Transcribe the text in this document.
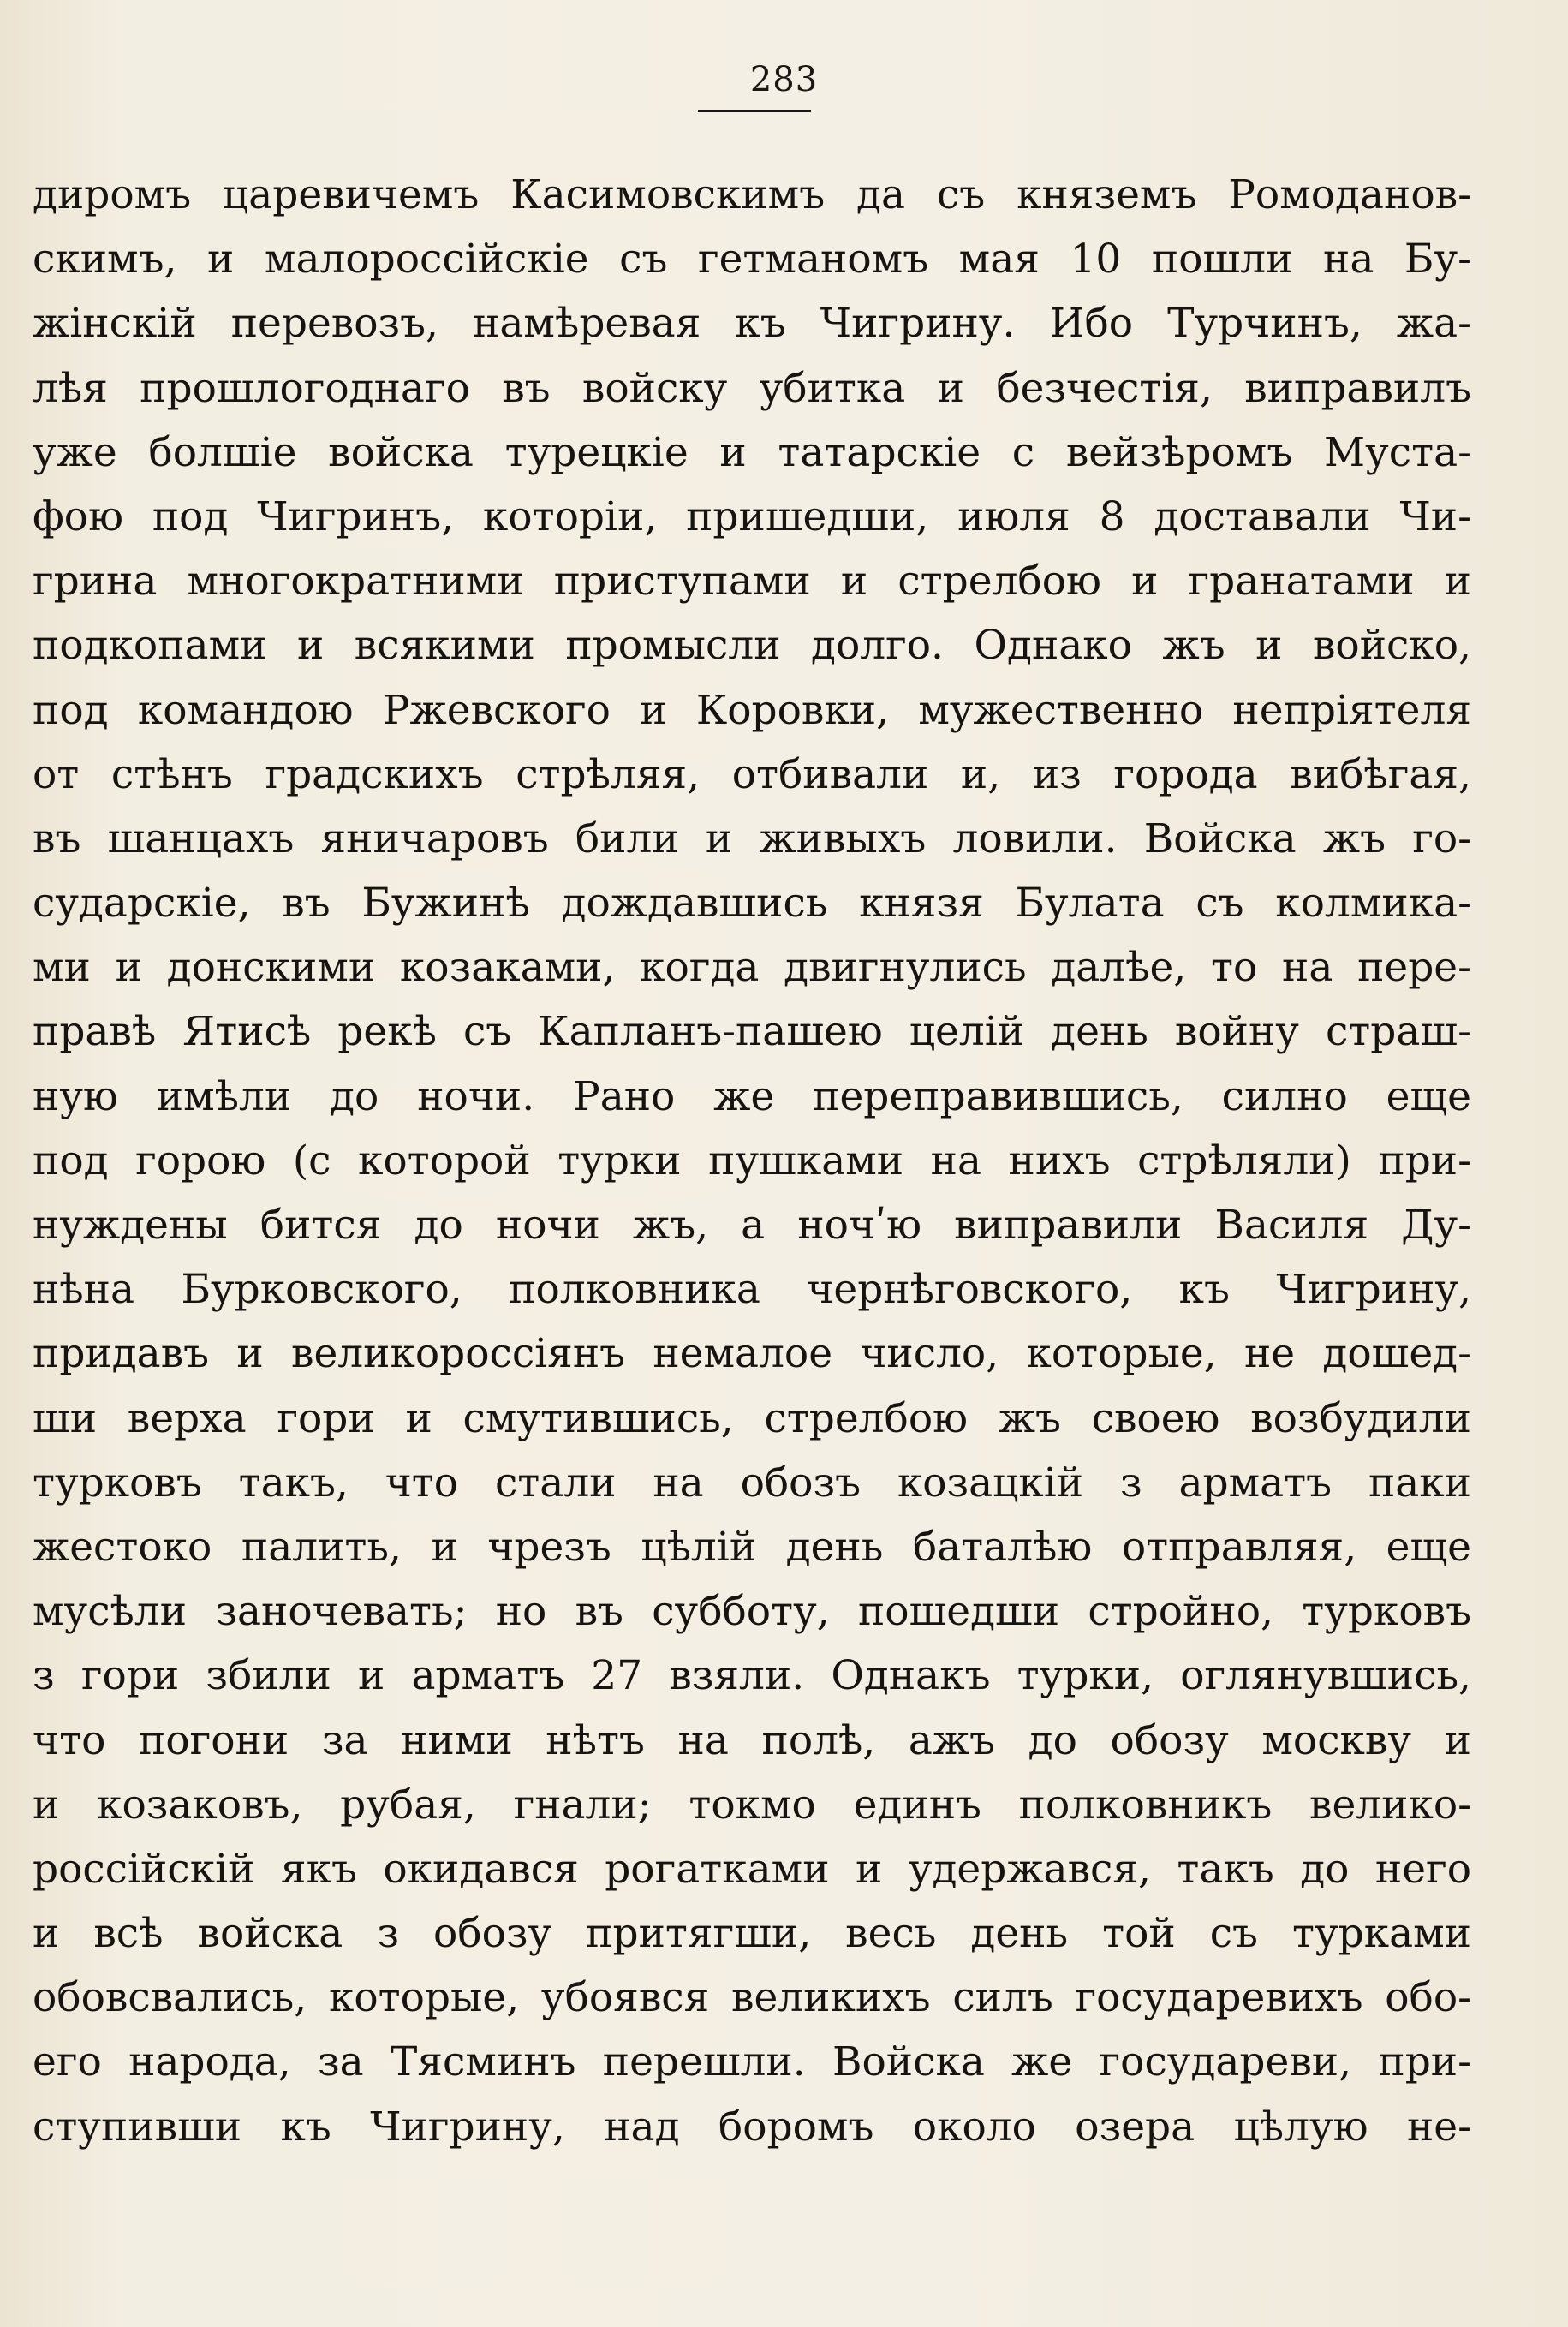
283
диромъ царевичемъ Касимовскимъ да съ княземъ Ромоданов-
скимъ, и малороссійскіе съ гетманомъ мая 10 пошли на Бу-
жінскій перевозъ, намѣревая къ Чигрину. Ибо Турчинъ, жа-
лѣя прошлогоднаго въ войску убитка и безчестія, виправилъ
уже болшіе войска турецкіе и татарскіе с вейзѣромъ Муста-
фою под Чигринъ, которіи, пришедши, июля 8 доставали Чи-
грина многократними приступами и стрелбою и гранатами и
подкопами и всякими промысли долго. Однако жъ и войско,
под командою Ржевского и Коровки, мужественно непріятеля
от стѣнъ градскихъ стрѣляя, отбивали и, из города вибѣгая,
въ шанцахъ яничаровъ били и живыхъ ловили. Войска жъ го-
сударскіе, въ Бужинѣ дождавшись князя Булата съ колмика-
ми и донскими козаками, когда двигнулись далѣе, то на пере-
правѣ Ятисѣ рекѣ съ Капланъ-пашею целій день войну страш-
ную имѣли до ночи. Рано же переправившись, силно еще
под горою (с которой турки пушками на нихъ стрѣляли) при-
нуждены бится до ночи жъ, а ночʹю виправили Василя Ду-
нѣна Бурковского, полковника чернѣговского, къ Чигрину,
придавъ и великороссіянъ немалое число, которые, не дошед-
ши верха гори и смутившись, стрелбою жъ своею возбудили
турковъ такъ, что стали на обозъ козацкій з арматъ паки
жестоко палить, и чрезъ цѣлій день баталѣю отправляя, еще
мусѣли заночевать; но въ субботу, пошедши стройно, турковъ
з гори збили и арматъ 27 взяли. Однакъ турки, оглянувшись,
что погони за ними нѣтъ на полѣ, ажъ до обозу москву и
и козаковъ, рубая, гнали; токмо единъ полковникъ велико-
россійскій якъ окидався рогатками и удержався, такъ до него
и всѣ войска з обозу притягши, весь день той съ турками
обовсвались, которые, убоявся великихъ силъ государевихъ обо-
его народа, за Тясминъ перешли. Войска же государеви, при-
ступивши къ Чигрину, над боромъ около озера цѣлую не-
